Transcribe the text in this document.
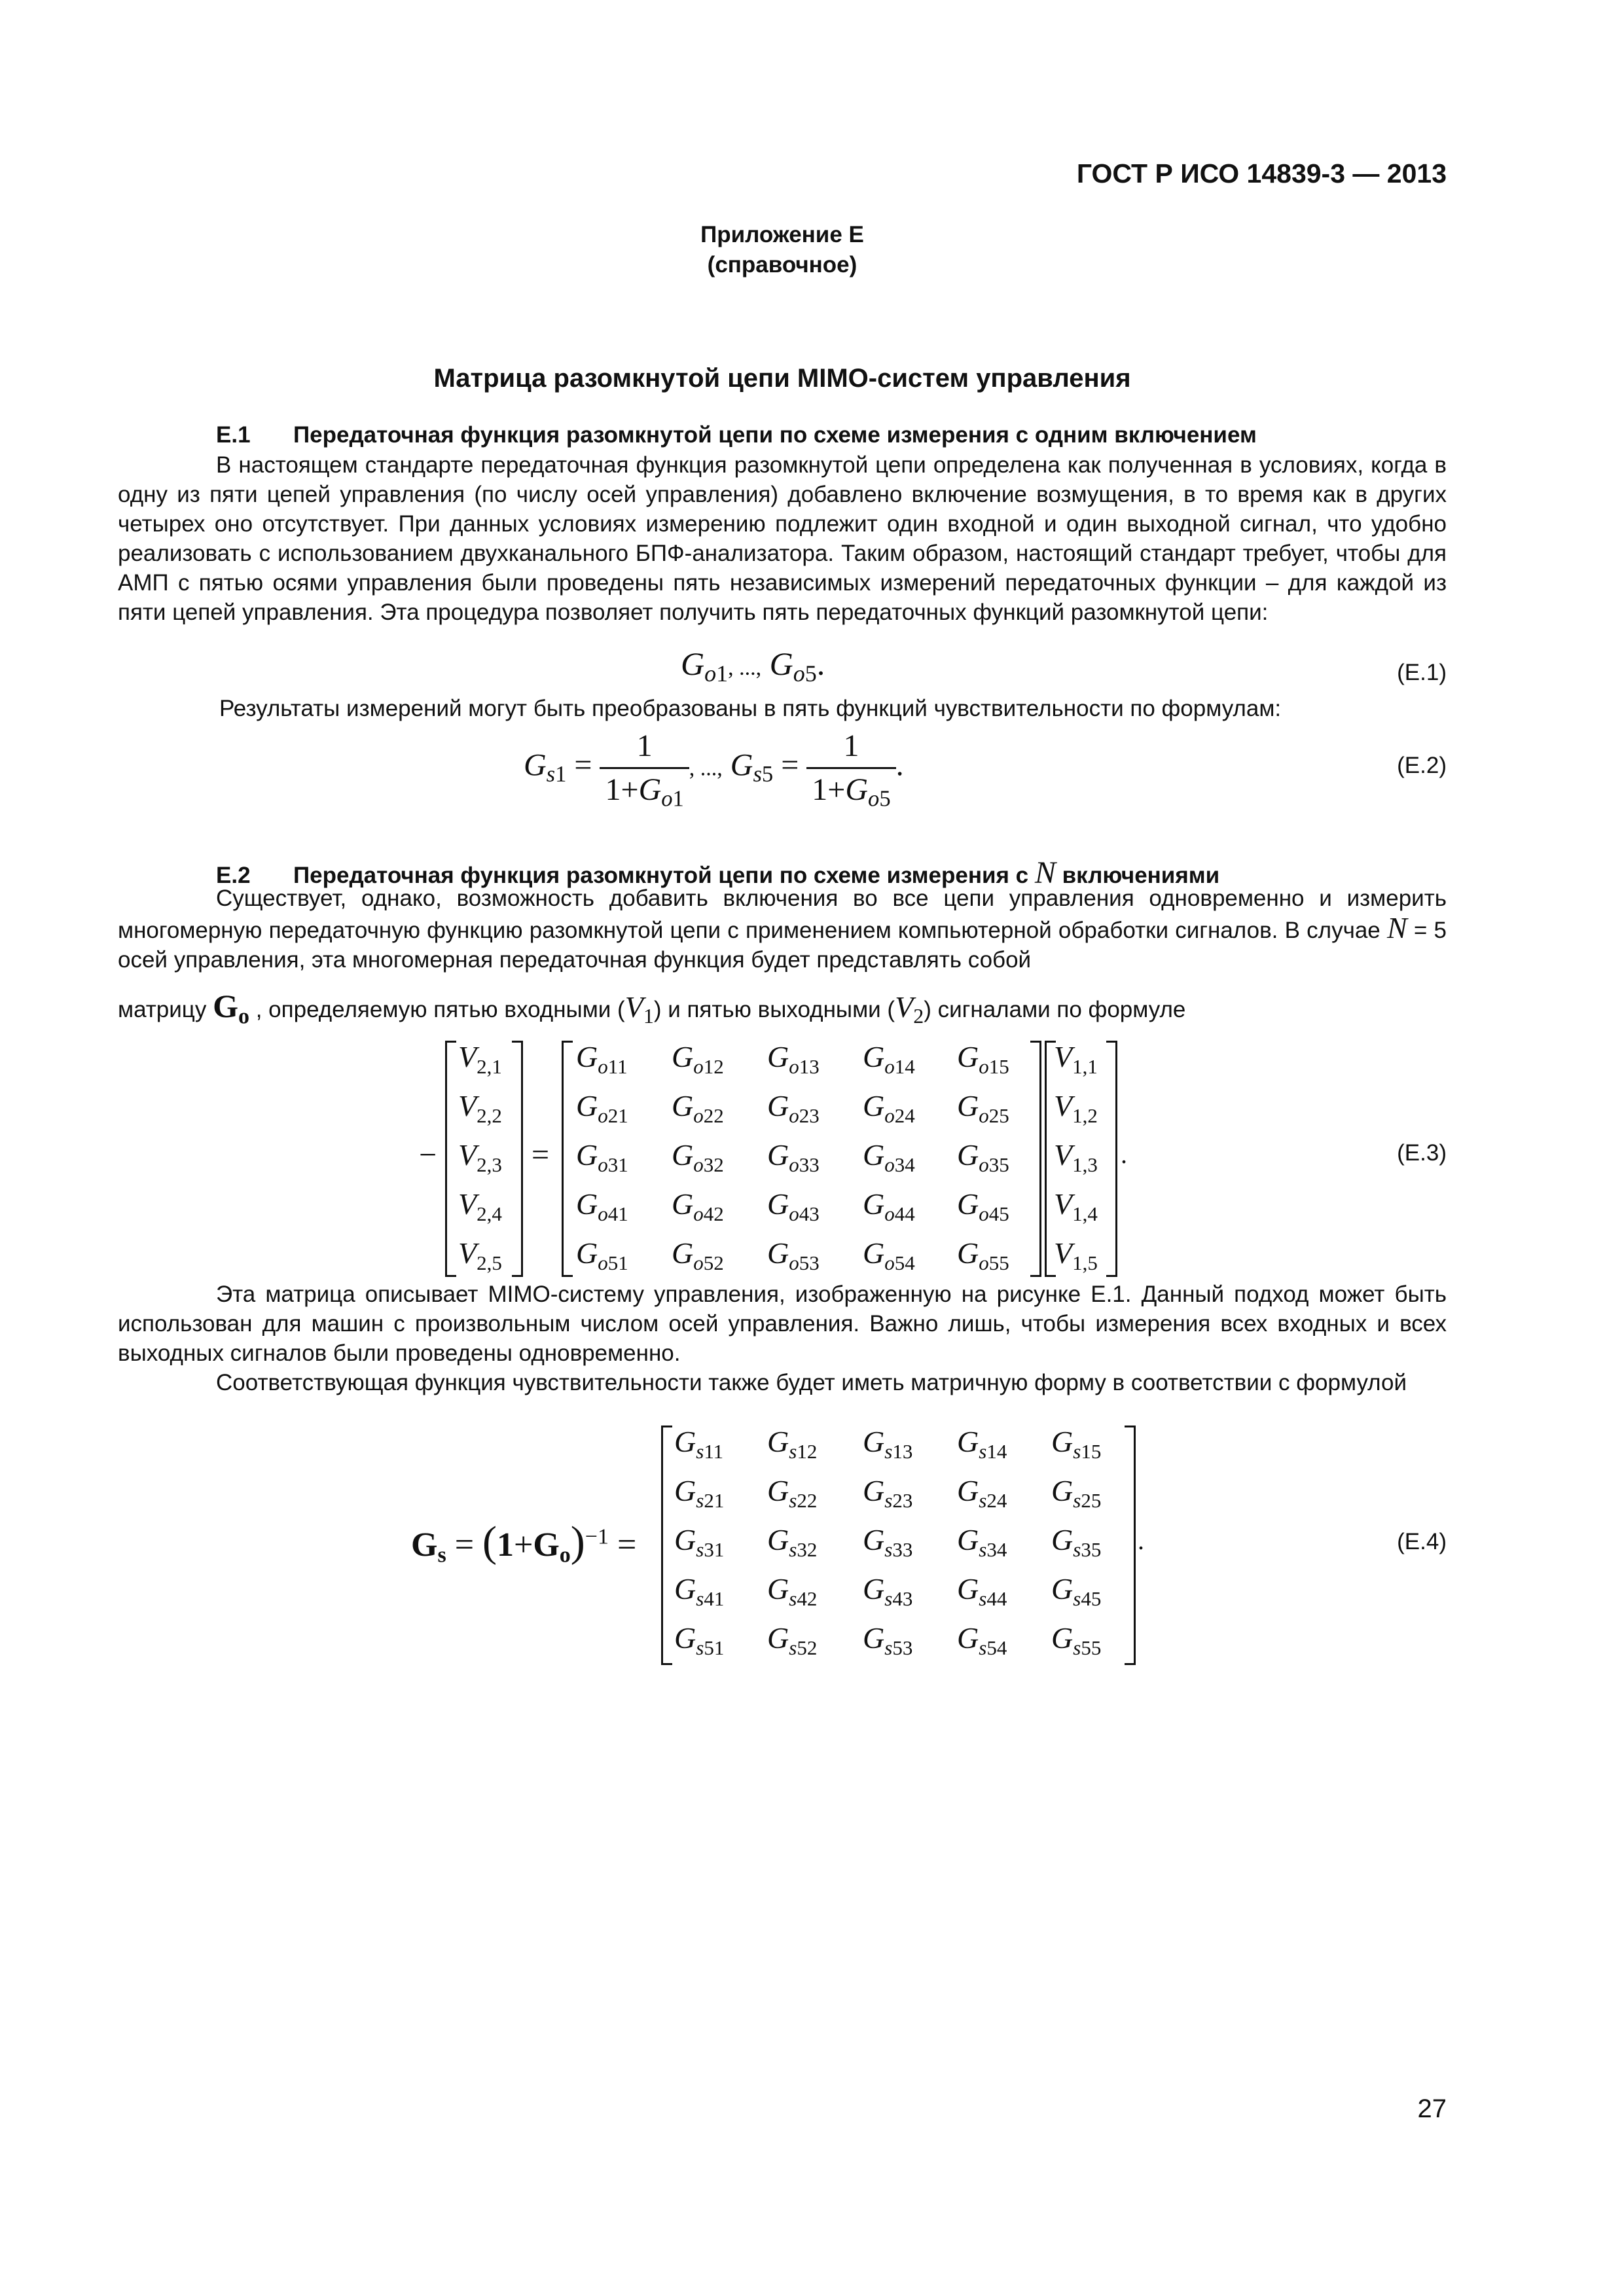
ГОСТ Р ИСО 14839-3 — 2013
Приложение Е
(справочное)
Матрица разомкнутой цепи MIMO-систем управления
Е.1 Передаточная функция разомкнутой цепи по схеме измерения с одним включением
В настоящем стандарте передаточная функция разомкнутой цепи определена как полученная в условиях, когда в одну из пяти цепей управления (по числу осей управления) добавлено включение возмущения, в то время как в других четырех оно отсутствует. При данных условиях измерению подлежит один входной и один выходной сигнал, что удобно реализовать с использованием двухканального БПФ-анализатора. Таким образом, настоящий стандарт требует, чтобы для АМП с пятью осями управления были проведены пять независимых измерений передаточных функции – для каждой из пяти цепей управления. Эта процедура позволяет получить пять передаточных функций разомкнутой цепи:
$G_{o1}$, ..., $G_{o5}$.	(Е.1)
Результаты измерений могут быть преобразованы в пять функций чувствительности по формулам:
$G_{s1} = \frac{1}{1+G_{o1}}$ , ..., $G_{s5} = \frac{1}{1+G_{o5}}$ .	(Е.2)
Е.2 Передаточная функция разомкнутой цепи по схеме измерения с N включениями
Существует, однако, возможность добавить включения во все цепи управления одновременно и измерить многомерную передаточную функцию разомкнутой цепи с применением компьютерной обработки сигналов. В случае N = 5 осей управления, эта многомерная передаточная функция будет представлять собой
матрицу $G_o$ , определяемую пятью входными $(V_1)$ и пятью выходными $(V_2)$ сигналами по формуле
−	=	.
$V_{2,1}$ $G_{o11}$ $G_{o12}$ $G_{o13}$ $G_{o14}$ $G_{o15}$ $V_{1,1}$
$V_{2,2}$ $G_{o21}$ $G_{o22}$ $G_{o23}$ $G_{o24}$ $G_{o25}$ $V_{1,2}$
$V_{2,3}$ $G_{o31}$ $G_{o32}$ $G_{o33}$ $G_{o34}$ $G_{o35}$ $V_{1,3}$
$V_{2,4}$ $G_{o41}$ $G_{o42}$ $G_{o43}$ $G_{o44}$ $G_{o45}$ $V_{1,4}$
$V_{2,5}$ $G_{o51}$ $G_{o52}$ $G_{o53}$ $G_{o54}$ $G_{o55}$ $V_{1,5}$
(Е.3)
Эта матрица описывает MIMO-систему управления, изображенную на рисунке Е.1. Данный подход может быть использован для машин с произвольным числом осей управления. Важно лишь, чтобы измерения всех входных и всех выходных сигналов были проведены одновременно.
Соответствующая функция чувствительности также будет иметь матричную форму в соответствии с формулой
$G_s = (1+G_o)^{-1}$ =	.
$G_{s11}$ $G_{s12}$ $G_{s13}$ $G_{s14}$ $G_{s15}$
$G_{s21}$ $G_{s22}$ $G_{s23}$ $G_{s24}$ $G_{s25}$
$G_{s31}$ $G_{s32}$ $G_{s33}$ $G_{s34}$ $G_{s35}$
$G_{s41}$ $G_{s42}$ $G_{s43}$ $G_{s44}$ $G_{s45}$
$G_{s51}$ $G_{s52}$ $G_{s53}$ $G_{s54}$ $G_{s55}$
(Е.4)
27
